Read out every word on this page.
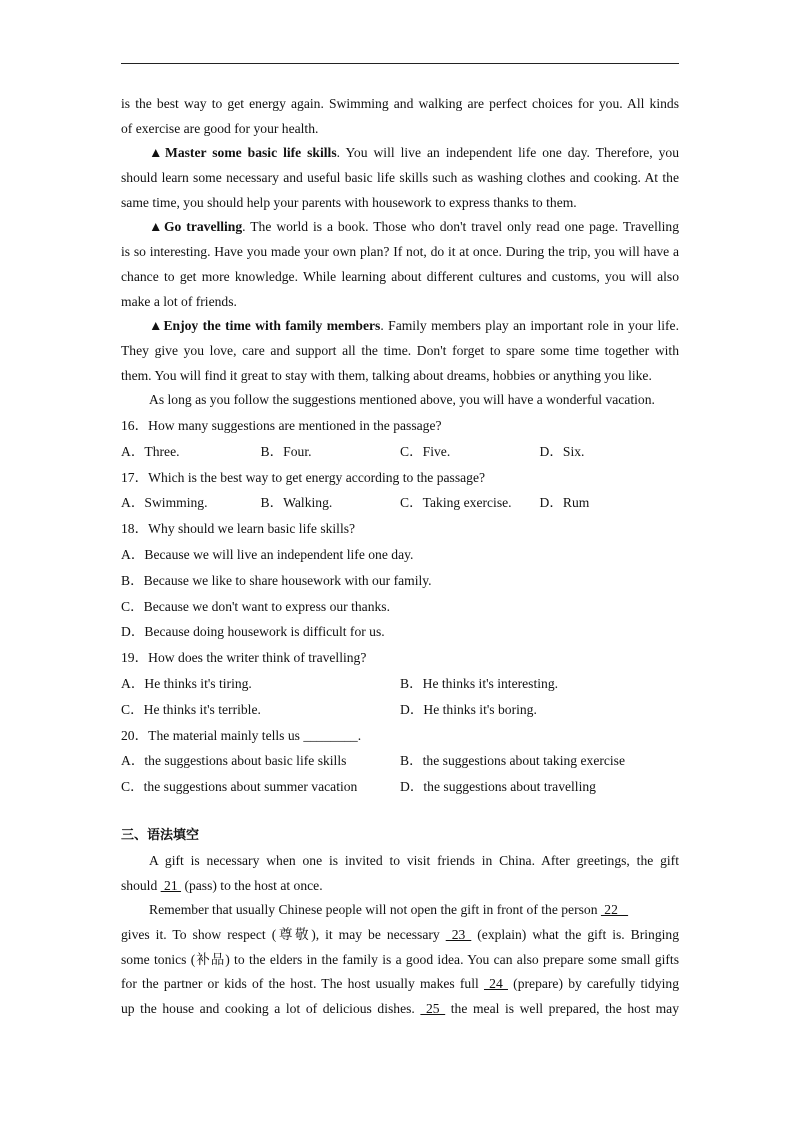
is the best way to get energy again. Swimming and walking are perfect choices for you. All kinds
of exercise are good for your health.
▲Master some basic life skills. You will live an independent life one day. Therefore, you
should learn some necessary and useful basic life skills such as washing clothes and cooking. At the
same time, you should help your parents with housework to express thanks to them.
▲Go travelling. The world is a book. Those who don't travel only read one page. Travelling
is so interesting. Have you made your own plan? If not, do it at once. During the trip, you will have a
chance to get more knowledge. While learning about different cultures and customs, you will also
make a lot of friends.
▲Enjoy the time with family members. Family members play an important role in your life.
They give you love, care and support all the time. Don't forget to spare some time together with
them. You will find it great to stay with them, talking about dreams, hobbies or anything you like.
As long as you follow the suggestions mentioned above, you will have a wonderful vacation.
16．How many suggestions are mentioned in the passage?
A．Three.	B．Four.	C．Five.	D．Six.
17．Which is the best way to get energy according to the passage?
A．Swimming.	B．Walking.	C．Taking exercise.	D．Rum
18．Why should we learn basic life skills?
A．Because we will live an independent life one day.
B．Because we like to share housework with our family.
C．Because we don't want to express our thanks.
D．Because doing housework is difficult for us.
19．How does the writer think of travelling?
A．He thinks it's tiring.	B．He thinks it's interesting.
C．He thinks it's terrible.	D．He thinks it's boring.
20．The material mainly tells us ________.
A．the suggestions about basic life skills	B．the suggestions about taking exercise
C．the suggestions about summer vacation	D．the suggestions about travelling
三、语法填空
A gift is necessary when one is invited to visit friends in China. After greetings, the gift
should  21  (pass) to the host at once.
Remember that usually Chinese people will not open the gift in front of the person  22
gives it. To show respect (尊敬), it may be necessary  23  (explain) what the gift is. Bringing
some tonics (补品) to the elders in the family is a good idea. You can also prepare some small gifts
for the partner or kids of the host. The host usually makes full  24  (prepare) by carefully tidying
up the house and cooking a lot of delicious dishes.  25  the meal is well prepared, the host may
